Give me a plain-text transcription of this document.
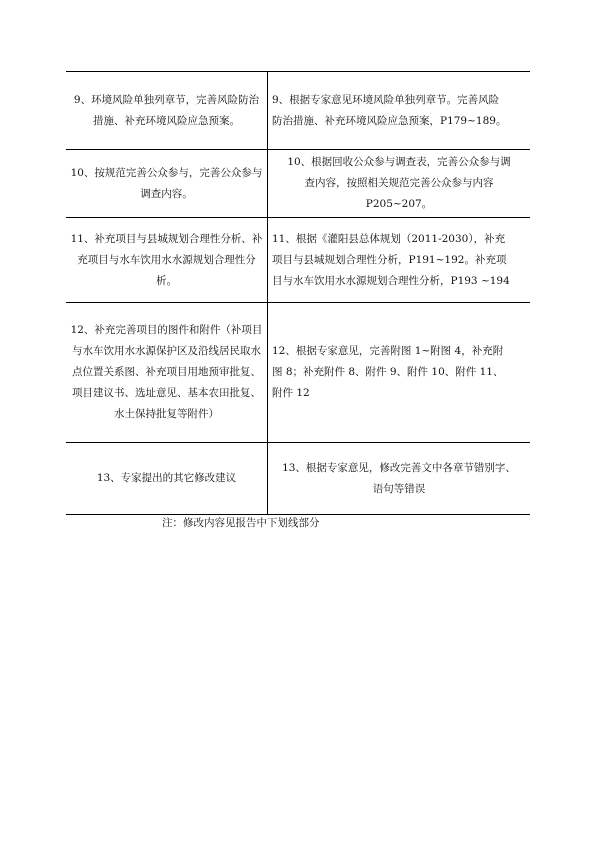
9、环境风险单独列章节，完善风险防治措施、补充环境风险应急预案。	9、根据专家意见环境风险单独列章节。完善风险
防治措施、补充环境风险应急预案，P179~189。

10、按规范完善公众参与，完善公众参与调查内容。	10、根据回收公众参与调查表，完善公众参与调
查内容，按照相关规范完善公众参与内容
P205~207。

11、补充项目与县城规划合理性分析、补充项目与水车饮用水水源规划合理性分析。	11、根据《灌阳县总体规划（2011-2030），补充
项目与县城规划合理性分析，P191~192。补充项
目与水车饮用水水源规划合理性分析，P193 ~194

12、补充完善项目的图件和附件（补项目与水车饮用水水源保护区及沿线居民取水点位置关系图、补充项目用地预审批复、项目建议书、选址意见、基本农田批复、水土保持批复等附件）	12、根据专家意见，完善附图 1~附图 4，补充附
图 8；补充附件 8、附件 9、附件 10、附件 11、
附件 12

13、专家提出的其它修改建议	13、根据专家意见，修改完善文中各章节错别字、
语句等错误
注：修改内容见报告中下划线部分
